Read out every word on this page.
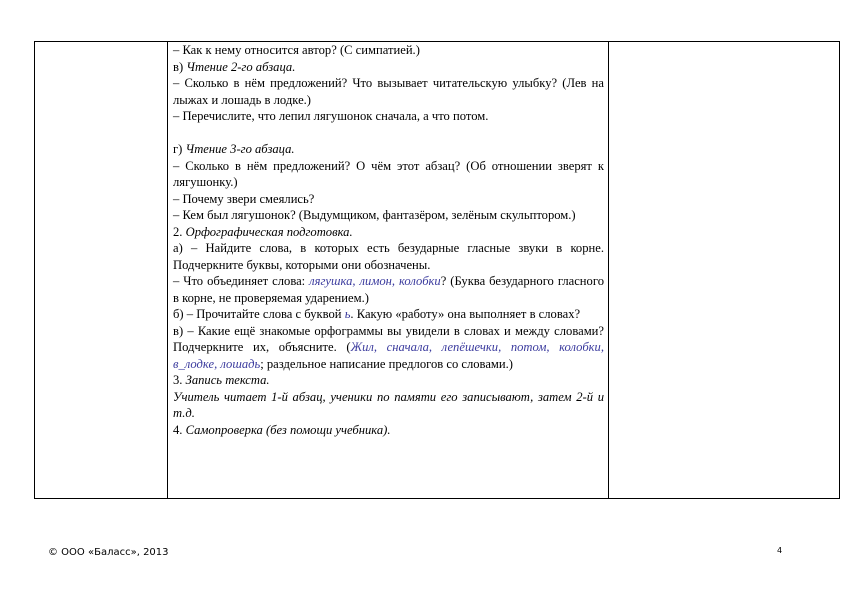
– Как к нему относится автор? (С симпатией.)

в) Чтение 2-го абзаца.

– Сколько в нём предложений? Что вызывает читательскую улыбку? (Лев на лыжах и лошадь в лодке.)

– Перечислите, что лепил лягушонок сначала, а что потом.

г) Чтение 3-го абзаца.

– Сколько в нём предложений? О чём этот абзац? (Об отношении зверят к лягушонку.)

– Почему звери смеялись?

– Кем был лягушонок? (Выдумщиком, фантазёром, зелёным скульптором.)

2. Орфографическая подготовка.

а) – Найдите слова, в которых есть безударные гласные звуки в корне. Подчеркните буквы, которыми они обозначены.

– Что объединяет слова: лягушка, лимон, колобки? (Буква безударного гласного в корне, не проверяемая ударением.)

б) – Прочитайте слова с буквой ь. Какую «работу» она выполняет в словах?

в) – Какие ещё знакомые орфограммы вы увидели в словах и между словами? Подчеркните их, объясните. (Жил, сначала, лепёшечки, потом, колобки, в_лодке, лошадь; раздельное написание предлогов со словами.)

3. Запись текста.

Учитель читает 1-й абзац, ученики по памяти его записывают, затем 2-й и т.д.

4. Самопроверка (без помощи учебника).

© ООО «Баласс», 2013	4
